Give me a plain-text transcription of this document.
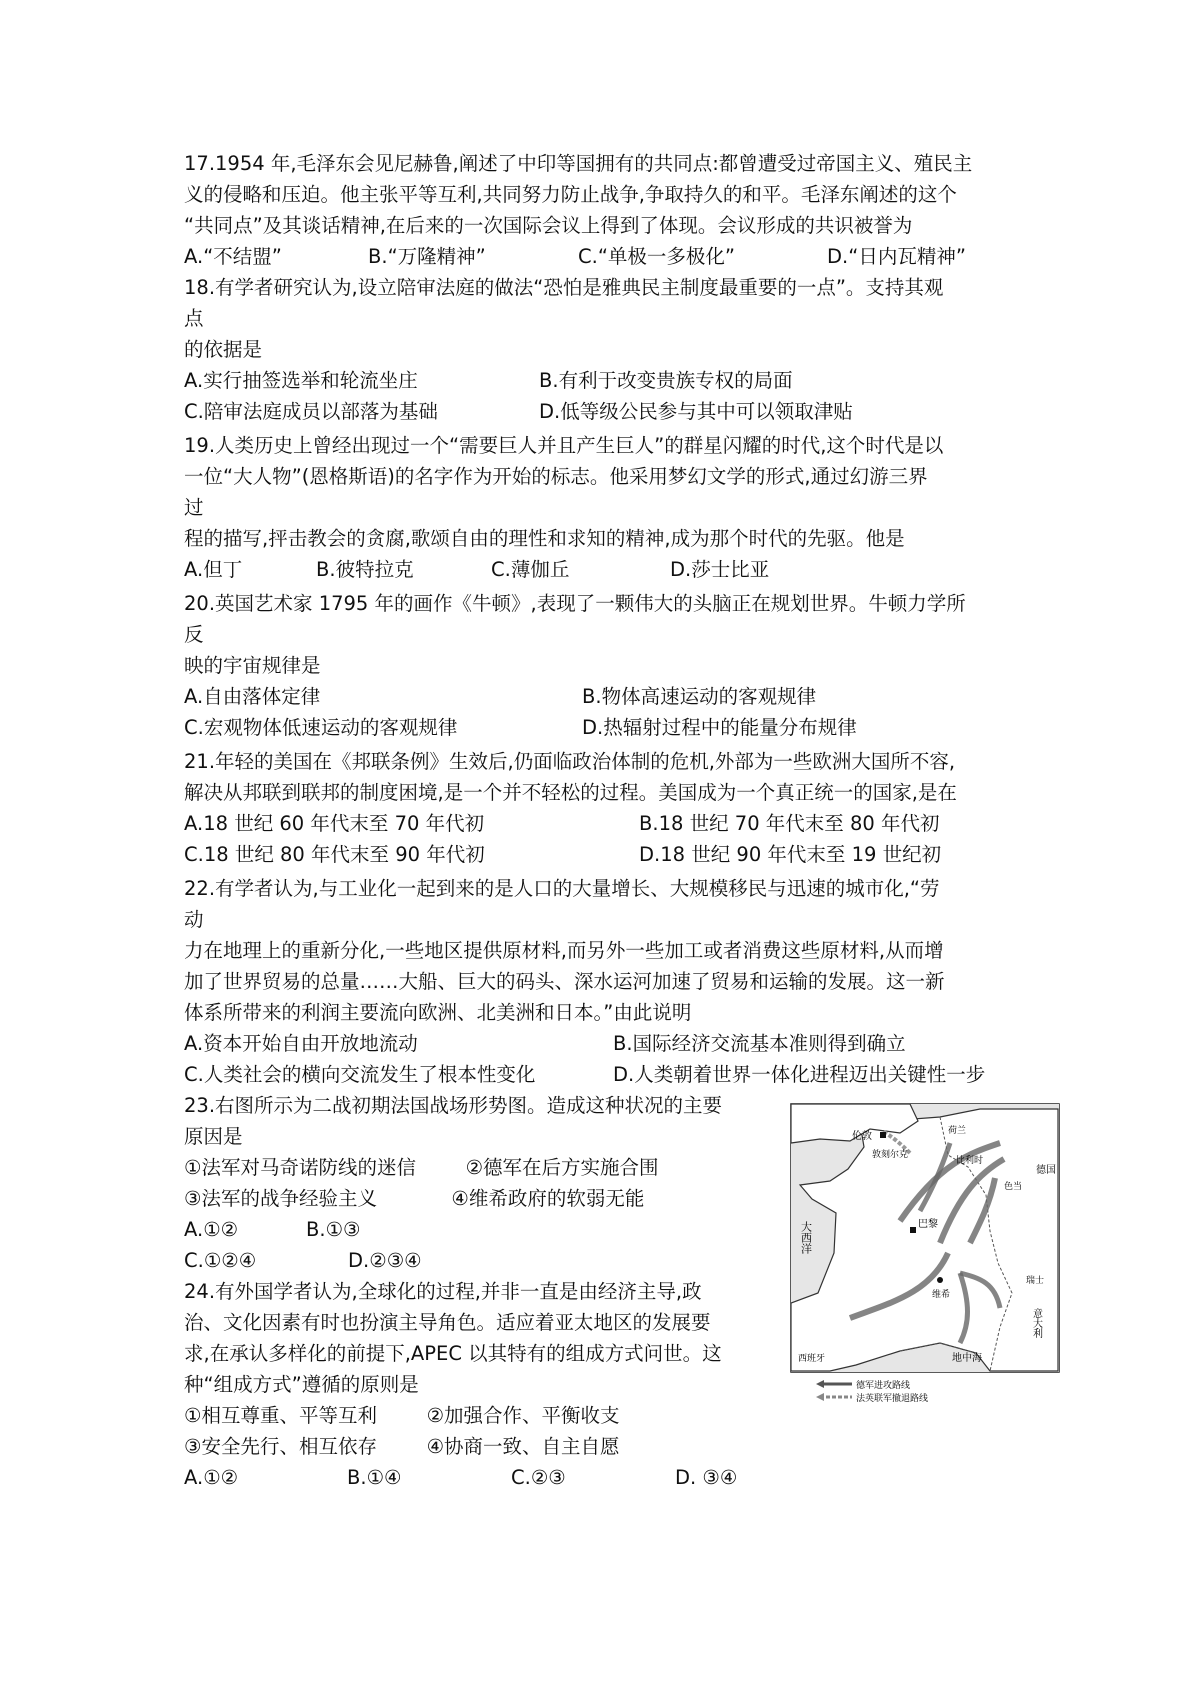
17.1954 年,毛泽东会见尼赫鲁,阐述了中印等国拥有的共同点:都曾遭受过帝国主义、殖民主
义的侵略和压迫。他主张平等互利,共同努力防止战争,争取持久的和平。毛泽东阐述的这个
“共同点”及其谈话精神,在后来的一次国际会议上得到了体现。会议形成的共识被誉为
A.“不结盟”	B.“万隆精神”	C.“单极一多极化”	D.“日内瓦精神”
18.有学者研究认为,设立陪审法庭的做法“恐怕是雅典民主制度最重要的一点”。支持其观
点
的依据是
A.实行抽签选举和轮流坐庄	B.有利于改变贵族专权的局面
C.陪审法庭成员以部落为基础	D.低等级公民参与其中可以领取津贴
19.人类历史上曾经出现过一个“需要巨人并且产生巨人”的群星闪耀的时代,这个时代是以
一位“大人物”(恩格斯语)的名字作为开始的标志。他采用梦幻文学的形式,通过幻游三界
过
程的描写,抨击教会的贪腐,歌颂自由的理性和求知的精神,成为那个时代的先驱。他是
A.但丁	B.彼特拉克	C.薄伽丘	D.莎士比亚
20.英国艺术家 1795 年的画作《牛顿》,表现了一颗伟大的头脑正在规划世界。牛顿力学所
反
映的宇宙规律是
A.自由落体定律	B.物体高速运动的客观规律
C.宏观物体低速运动的客观规律	D.热辐射过程中的能量分布规律
21.年轻的美国在《邦联条例》生效后,仍面临政治体制的危机,外部为一些欧洲大国所不容,
解决从邦联到联邦的制度困境,是一个并不轻松的过程。美国成为一个真正统一的国家,是在
A.18 世纪 60 年代末至 70 年代初	B.18 世纪 70 年代末至 80 年代初
C.18 世纪 80 年代末至 90 年代初	D.18 世纪 90 年代末至 19 世纪初
22.有学者认为,与工业化一起到来的是人口的大量增长、大规模移民与迅速的城市化,“劳
动
力在地理上的重新分化,一些地区提供原材料,而另外一些加工或者消费这些原材料,从而增
加了世界贸易的总量……大船、巨大的码头、深水运河加速了贸易和运输的发展。这一新
体系所带来的利润主要流向欧洲、北美洲和日本。”由此说明
A.资本开始自由开放地流动	B.国际经济交流基本准则得到确立
C.人类社会的横向交流发生了根本性变化	D.人类朝着世界一体化进程迈出关键性一步
23.右图所示为二战初期法国战场形势图。造成这种状况的主要
原因是
①法军对马奇诺防线的迷信        ②德军在后方实施合围
③法军的战争经验主义            ④维希政府的软弱无能
A.①②	B.①③
C.①②④	D.②③④
24.有外国学者认为,全球化的过程,并非一直是由经济主导,政
治、文化因素有时也扮演主导角色。适应着亚太地区的发展要
求,在承认多样化的前提下,APEC 以其特有的组成方式问世。这
种“组成方式”遵循的原则是
①相互尊重、平等互利        ②加强合作、平衡收支
③安全先行、相互依存        ④协商一致、自主自愿
A.①②	B.①④	C.②③	D. ③④
伦敦
敦刻尔克
荷兰
比利时
德国
色当
巴黎
瑞士
维希
大西洋
意大利
西班牙	地中海
德军进攻路线
法英联军撤退路线
